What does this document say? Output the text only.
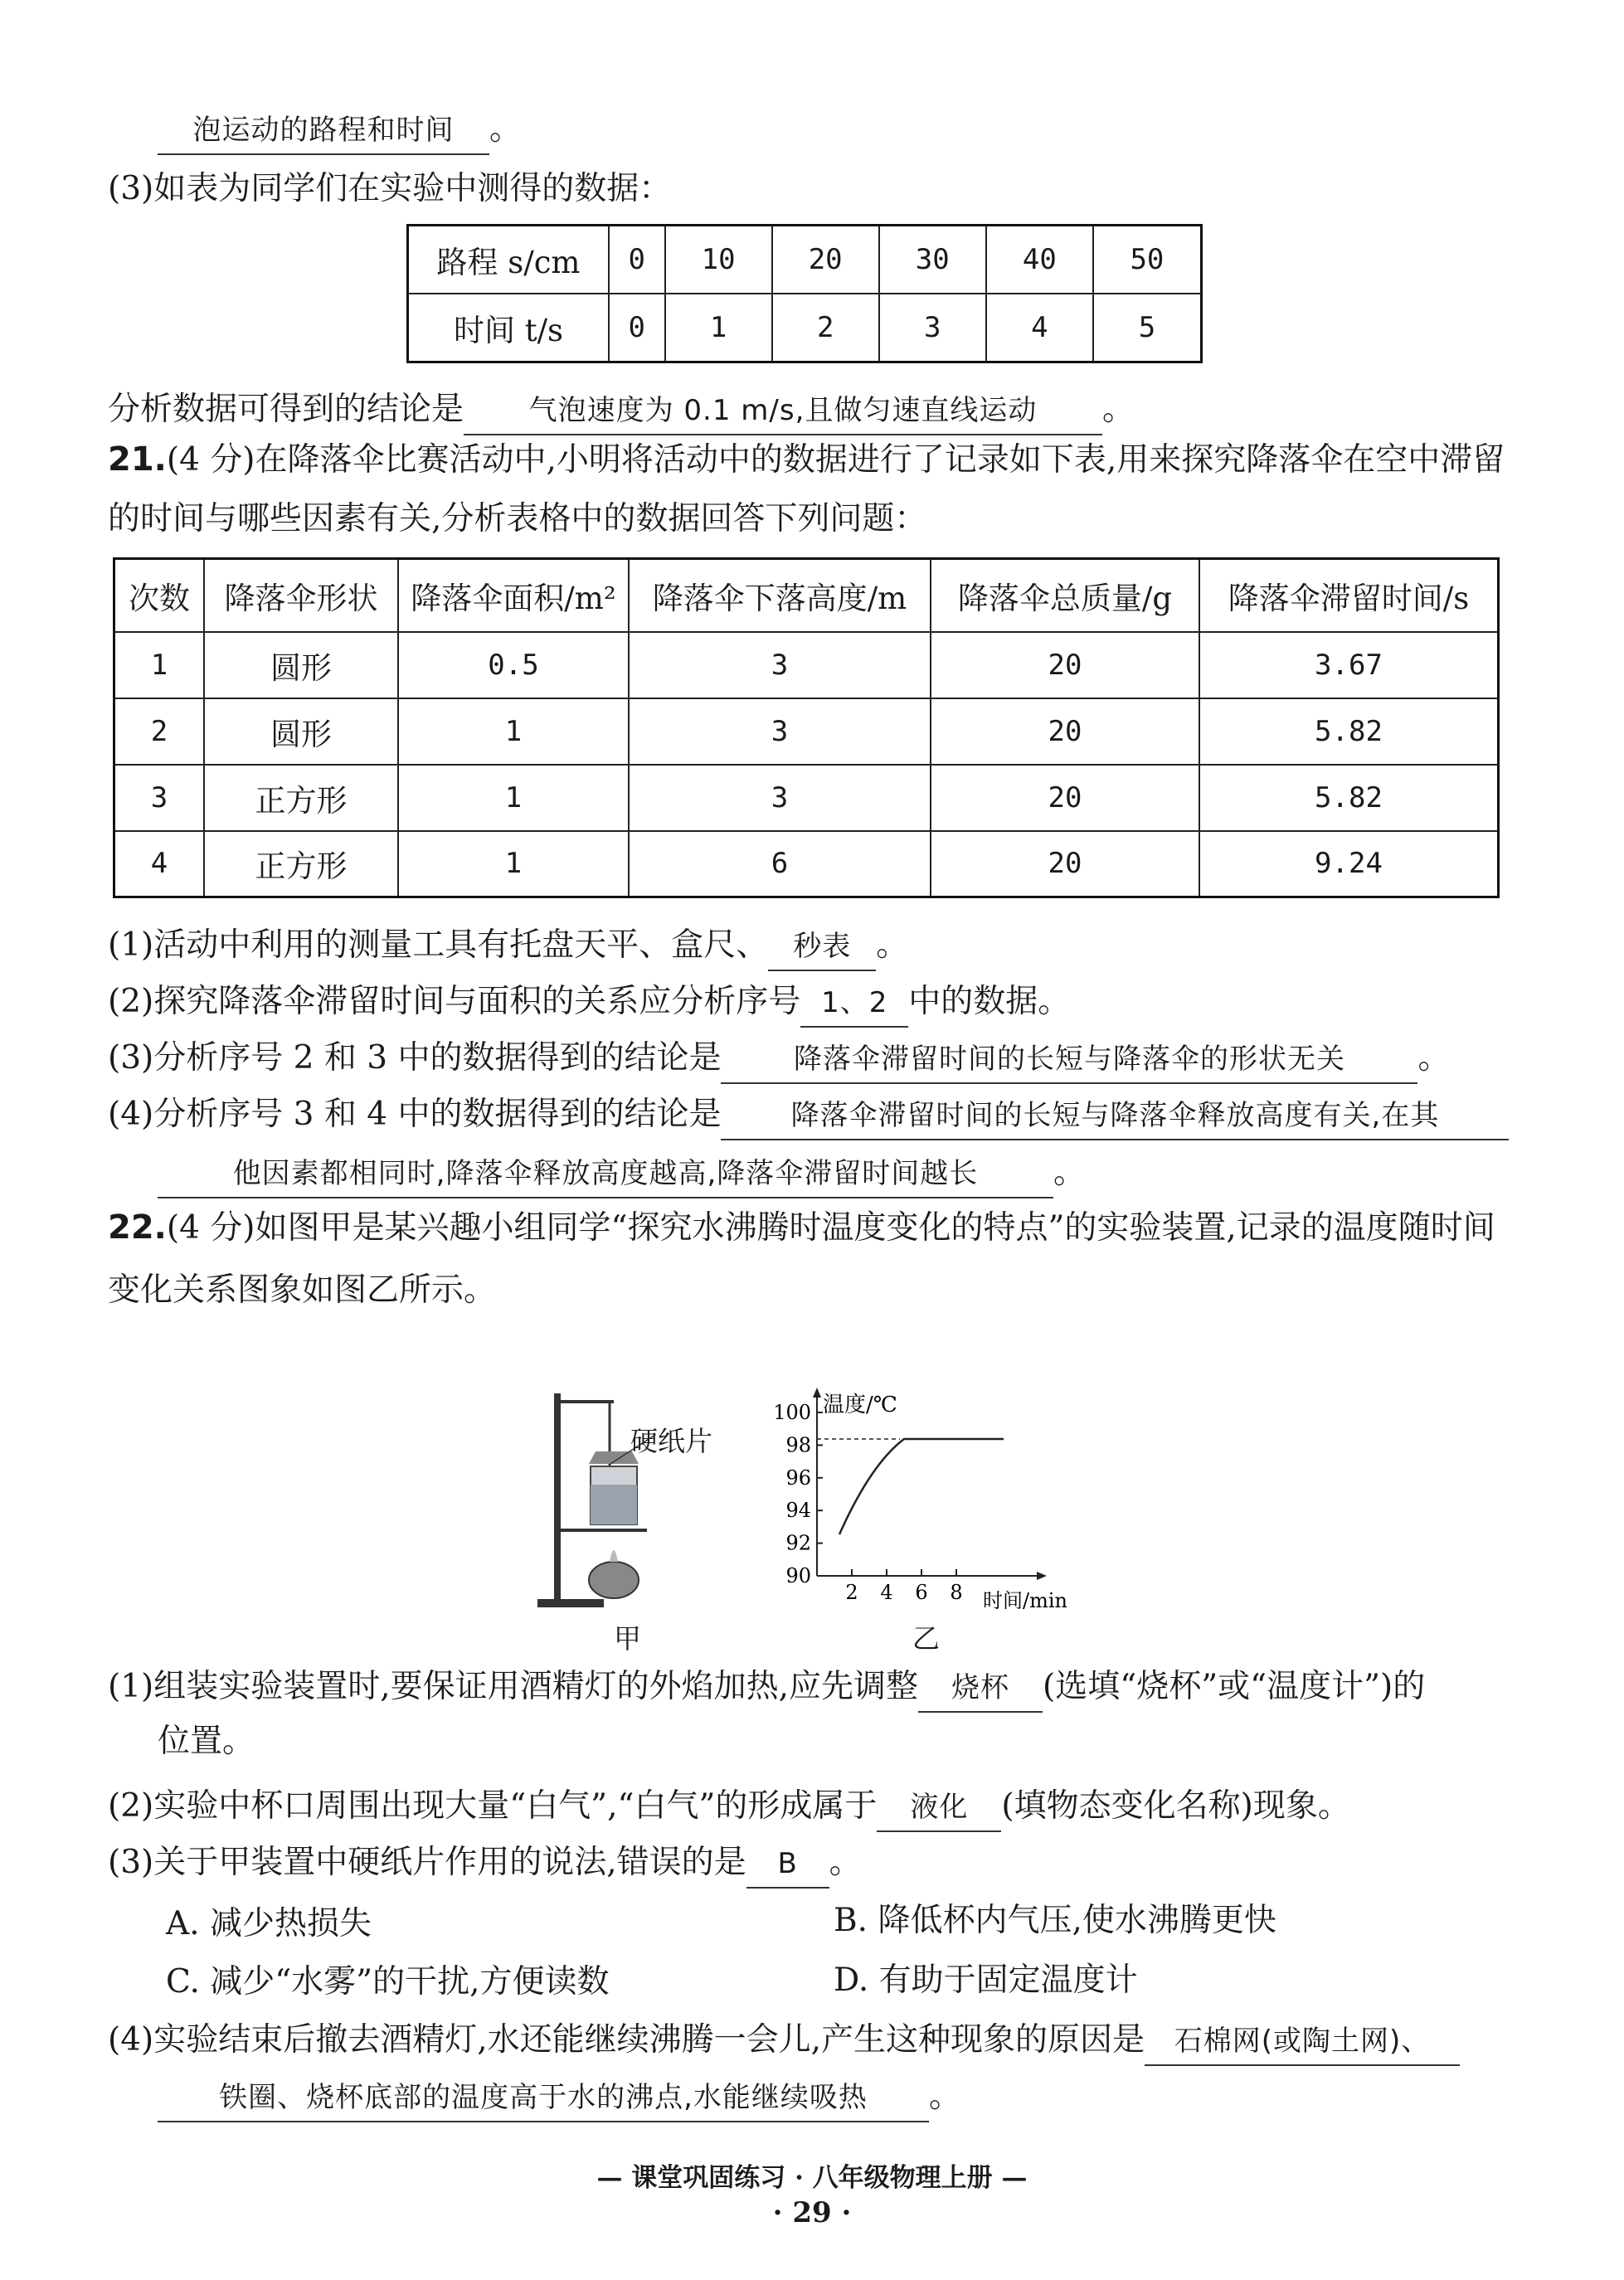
泡运动的路程和时间 。
(3)如表为同学们在实验中测得的数据：
路程 s/cm	0	10	20	30	40	50
时间 t/s	0	1	2	3	4	5
分析数据可得到的结论是 气泡速度为 0.1 m/s,且做匀速直线运动 。
21.(4 分)在降落伞比赛活动中,小明将活动中的数据进行了记录如下表,用来探究降落伞在空中滞留
的时间与哪些因素有关,分析表格中的数据回答下列问题：
次数	降落伞形状	降落伞面积/m²	降落伞下落高度/m	降落伞总质量/g	降落伞滞留时间/s
1	圆形	0.5	3	20	3.67
2	圆形	1	3	20	5.82
3	正方形	1	3	20	5.82
4	正方形	1	6	20	9.24
(1)活动中利用的测量工具有托盘天平、盒尺、 秒表 。
(2)探究降落伞滞留时间与面积的关系应分析序号 1、2 中的数据。
(3)分析序号 2 和 3 中的数据得到的结论是	降落伞滞留时间的长短与降落伞的形状无关 。
(4)分析序号 3 和 4 中的数据得到的结论是 降落伞滞留时间的长短与降落伞释放高度有关,在其
他因素都相同时,降落伞释放高度越高,降落伞滞留时间越长 。
22.(4 分)如图甲是某兴趣小组同学“探究水沸腾时温度变化的特点”的实验装置,记录的温度随时间
变化关系图象如图乙所示。
硬纸片
甲
温度/℃
时间/min
100
98
96
94
92
90
2 4 6 8
乙
(1)组装实验装置时,要保证用酒精灯的外焰加热,应先调整 烧杯 (选填“烧杯”或“温度计”)的
位置。
(2)实验中杯口周围出现大量“白气”,“白气”的形成属于 液化 (填物态变化名称)现象。
(3)关于甲装置中硬纸片作用的说法,错误的是 B 。
A. 减少热损失	B. 降低杯内气压,使水沸腾更快
C. 减少“水雾”的干扰,方便读数	D. 有助于固定温度计
(4)实验结束后撤去酒精灯,水还能继续沸腾一会儿,产生这种现象的原因是 石棉网(或陶土网)、
铁圈、烧杯底部的温度高于水的沸点,水能继续吸热 。
— 课堂巩固练习 · 八年级物理上册 —
· 29 ·
